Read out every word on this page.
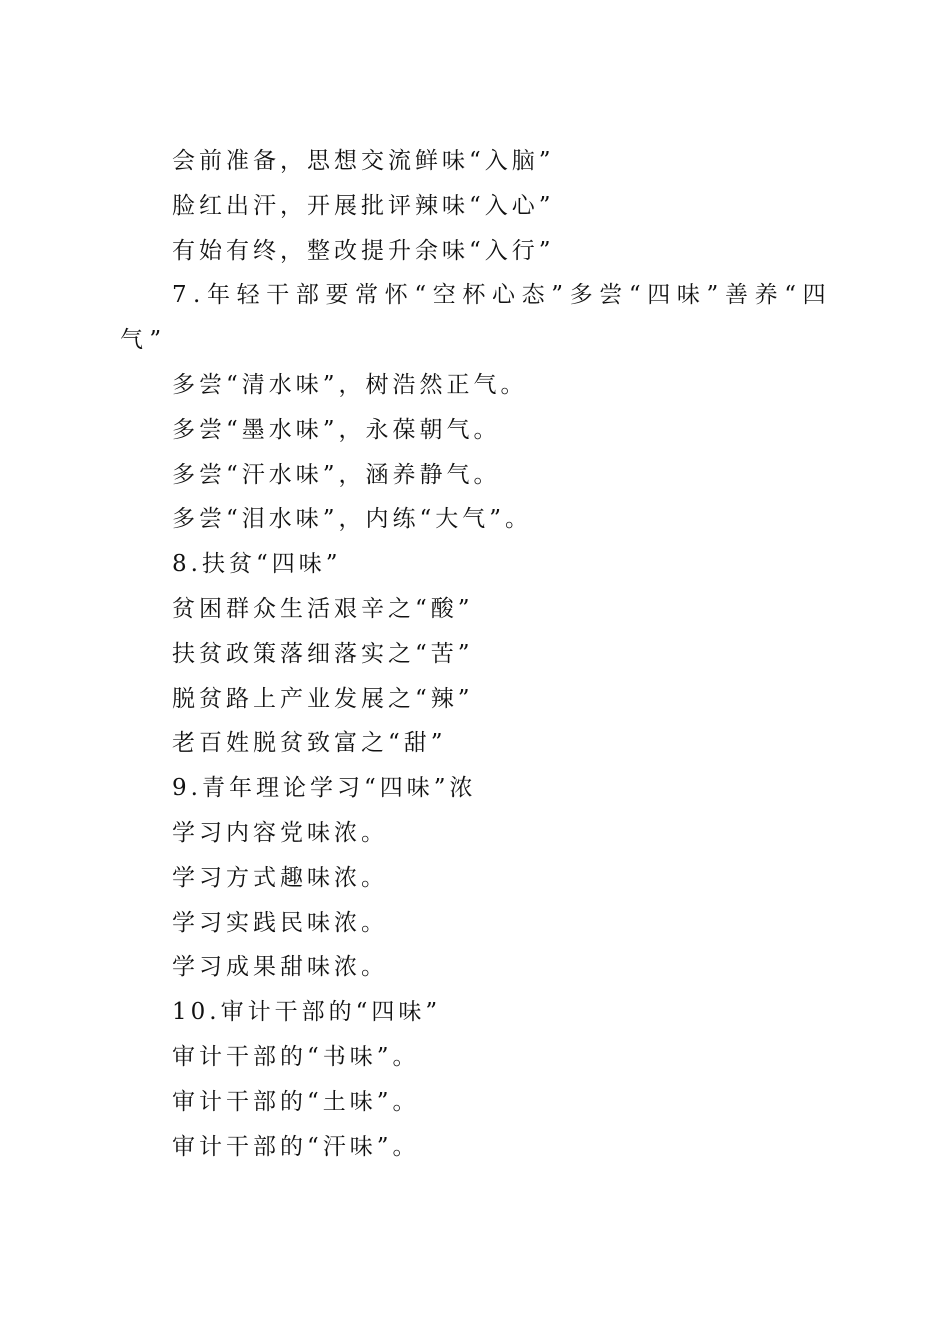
会前准备，思想交流鲜味“入脑”
脸红出汗，开展批评辣味“入心”
有始有终，整改提升余味“入行”
7.年轻干部要常怀“空杯心态”多尝“四味”善养“四气”
多尝“清水味”，树浩然正气。
多尝“墨水味”，永葆朝气。
多尝“汗水味”，涵养静气。
多尝“泪水味”，内练“大气”。
8.扶贫“四味”
贫困群众生活艰辛之“酸”
扶贫政策落细落实之“苦”
脱贫路上产业发展之“辣”
老百姓脱贫致富之“甜”
9.青年理论学习“四味”浓
学习内容党味浓。
学习方式趣味浓。
学习实践民味浓。
学习成果甜味浓。
10.审计干部的“四味”
审计干部的“书味”。
审计干部的“土味”。
审计干部的“汗味”。
